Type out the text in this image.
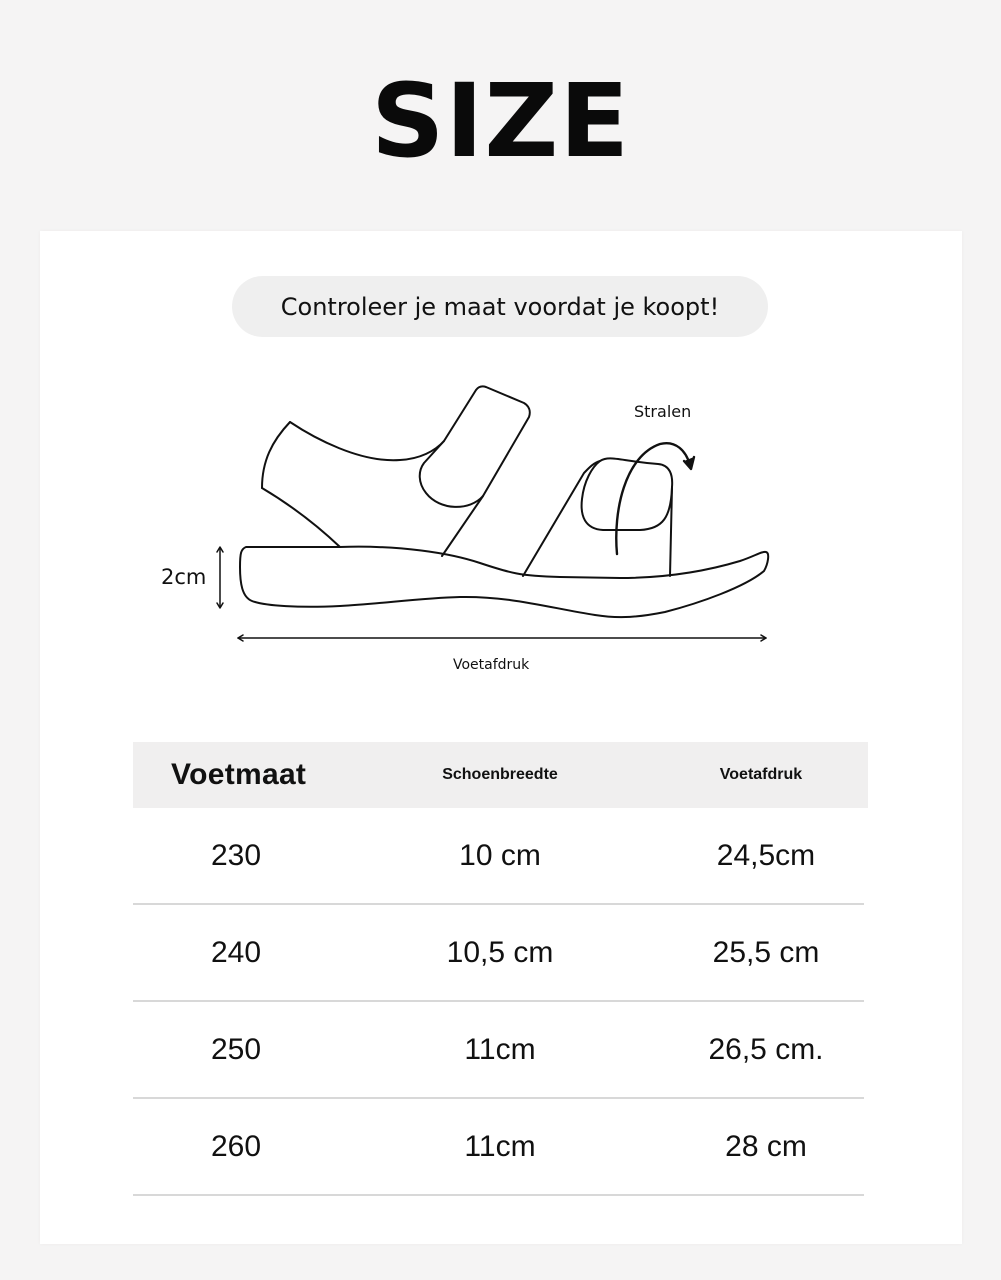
SIZE
Controleer je maat voordat je koopt!
Stralen
2cm
Voetafdruk
Voetmaat	Schoenbreedte	Voetafdruk
230	10 cm	24,5cm
240	10,5 cm	25,5 cm
250	11cm	26,5 cm.
260	11cm	28 cm
